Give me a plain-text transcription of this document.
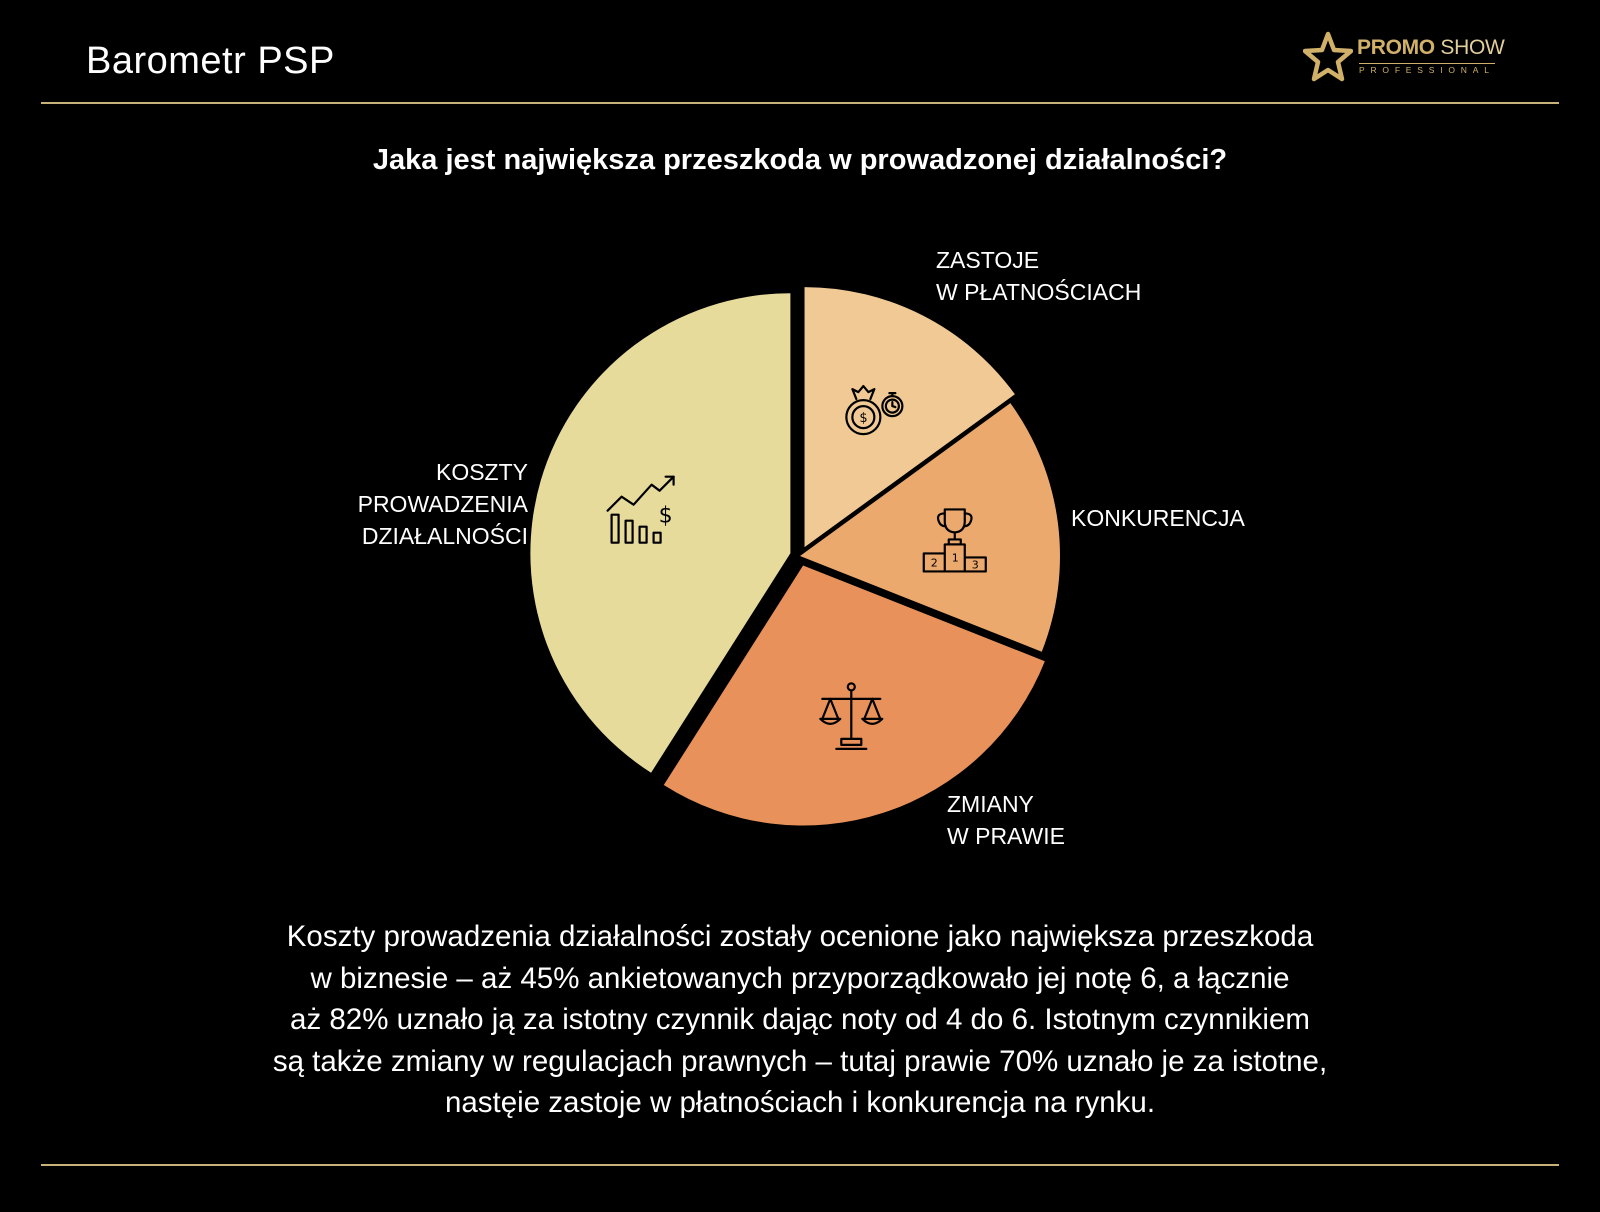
Barometr PSP	PROMO SHOW
PROFESSIONAL
Jaka jest największa przeszkoda w prowadzonej działalności?
$
1
2	3
$
ZASTOJE
W PŁATNOŚCIACH
KONKURENCJA
ZMIANY
W PRAWIE
KOSZTY
PROWADZENIA
DZIAŁALNOŚCI
Koszty prowadzenia działalności zostały ocenione jako największa przeszkoda
w biznesie – aż 45% ankietowanych przyporządkowało jej notę 6, a łącznie
aż 82% uznało ją za istotny czynnik dając noty od 4 do 6. Istotnym czynnikiem
są także zmiany w regulacjach prawnych – tutaj prawie 70% uznało je za istotne,
nastęie zastoje w płatnościach i konkurencja na rynku.
